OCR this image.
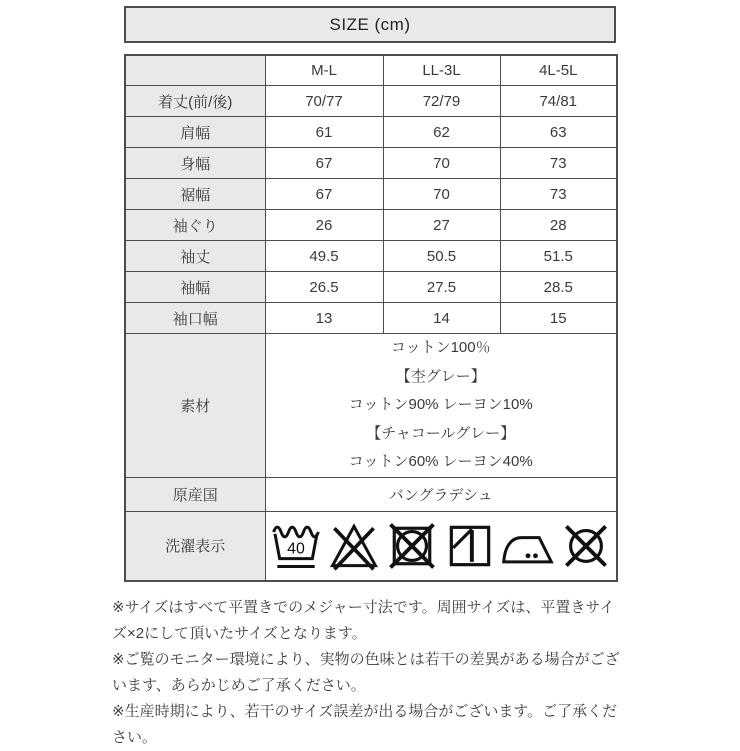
SIZE (cm)
	M-L	LL-3L	4L-5L
着丈(前/後)	70/77	72/79	74/81
肩幅	61	62	63
身幅	67	70	73
裾幅	67	70	73
袖ぐり	26	27	28
袖丈	49.5	50.5	51.5
袖幅	26.5	27.5	28.5
袖口幅	13	14	15
素材	コットン100％
【杢グレー】
コットン90% レーヨン10%
【チャコールグレー】
コットン60% レーヨン40%		

原産国	バングラデシュ		
洗濯表示	40		

※サイズはすべて平置きでのメジャー寸法です。周囲サイズは、平置きサイズ×2にして頂いたサイズとなります。

※ご覧のモニター環境により、実物の色味とは若干の差異がある場合がございます、あらかじめご了承ください。

※生産時期により、若干のサイズ誤差が出る場合がございます。ご了承ください。
